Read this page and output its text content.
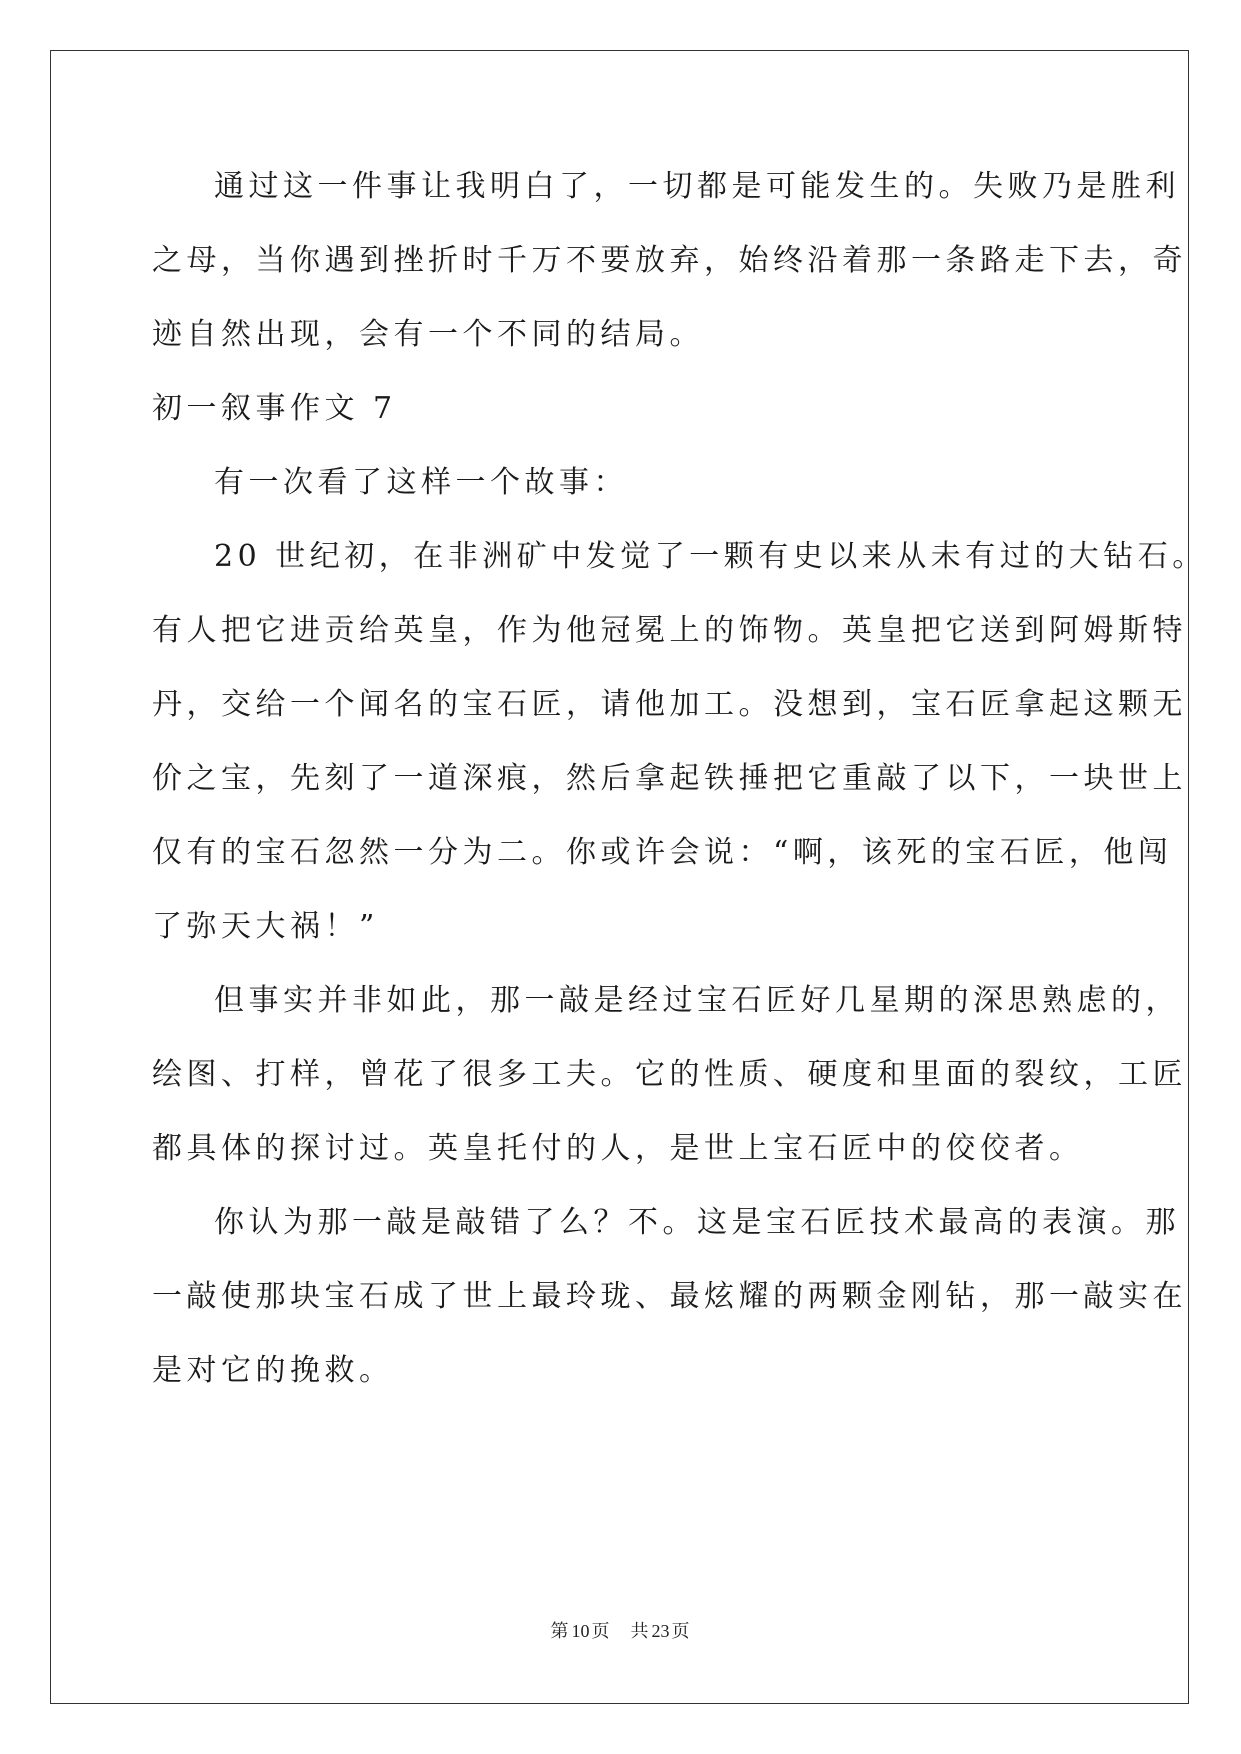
通过这一件事让我明白了，一切都是可能发生的。失败乃是胜利
之母，当你遇到挫折时千万不要放弃，始终沿着那一条路走下去，奇
迹自然出现，会有一个不同的结局。
初一叙事作文 7
有一次看了这样一个故事：
20 世纪初，在非洲矿中发觉了一颗有史以来从未有过的大钻石。
有人把它进贡给英皇，作为他冠冕上的饰物。英皇把它送到阿姆斯特
丹，交给一个闻名的宝石匠，请他加工。没想到，宝石匠拿起这颗无
价之宝，先刻了一道深痕，然后拿起铁捶把它重敲了以下，一块世上
仅有的宝石忽然一分为二。你或许会说：“啊，该死的宝石匠，他闯
了弥天大祸！”
但事实并非如此，那一敲是经过宝石匠好几星期的深思熟虑的，
绘图、打样，曾花了很多工夫。它的性质、硬度和里面的裂纹，工匠
都具体的探讨过。英皇托付的人，是世上宝石匠中的佼佼者。
你认为那一敲是敲错了么？不。这是宝石匠技术最高的表演。那
一敲使那块宝石成了世上最玲珑、最炫耀的两颗金刚钻，那一敲实在
是对它的挽救。
第 10 页 共 23 页
